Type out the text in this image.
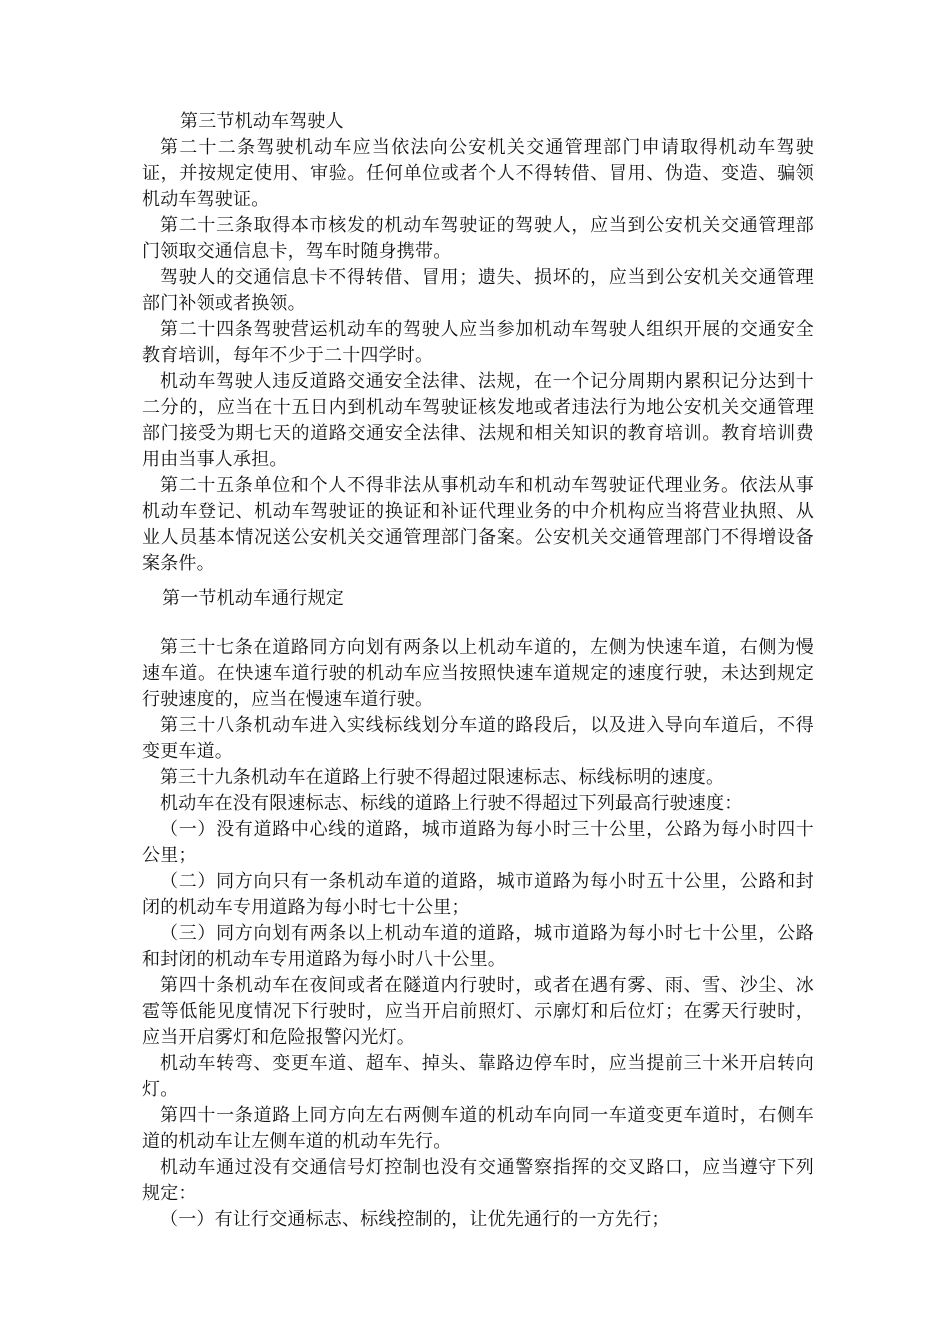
第三节机动车驾驶人

第二十二条驾驶机动车应当依法向公安机关交通管理部门申请取得机动车驾驶证，并按规定使用、审验。任何单位或者个人不得转借、冒用、伪造、变造、骗领机动车驾驶证。

第二十三条取得本市核发的机动车驾驶证的驾驶人，应当到公安机关交通管理部门领取交通信息卡，驾车时随身携带。

驾驶人的交通信息卡不得转借、冒用；遗失、损坏的，应当到公安机关交通管理部门补领或者换领。

第二十四条驾驶营运机动车的驾驶人应当参加机动车驾驶人组织开展的交通安全教育培训，每年不少于二十四学时。

机动车驾驶人违反道路交通安全法律、法规，在一个记分周期内累积记分达到十二分的，应当在十五日内到机动车驾驶证核发地或者违法行为地公安机关交通管理部门接受为期七天的道路交通安全法律、法规和相关知识的教育培训。教育培训费用由当事人承担。

第二十五条单位和个人不得非法从事机动车和机动车驾驶证代理业务。依法从事机动车登记、机动车驾驶证的换证和补证代理业务的中介机构应当将营业执照、从业人员基本情况送公安机关交通管理部门备案。公安机关交通管理部门不得增设备案条件。

第一节机动车通行规定

第三十七条在道路同方向划有两条以上机动车道的，左侧为快速车道，右侧为慢速车道。在快速车道行驶的机动车应当按照快速车道规定的速度行驶，未达到规定行驶速度的，应当在慢速车道行驶。

第三十八条机动车进入实线标线划分车道的路段后，以及进入导向车道后，不得变更车道。

第三十九条机动车在道路上行驶不得超过限速标志、标线标明的速度。

机动车在没有限速标志、标线的道路上行驶不得超过下列最高行驶速度：

（一）没有道路中心线的道路，城市道路为每小时三十公里，公路为每小时四十公里；

（二）同方向只有一条机动车道的道路，城市道路为每小时五十公里，公路和封闭的机动车专用道路为每小时七十公里；

（三）同方向划有两条以上机动车道的道路，城市道路为每小时七十公里，公路和封闭的机动车专用道路为每小时八十公里。

第四十条机动车在夜间或者在隧道内行驶时，或者在遇有雾、雨、雪、沙尘、冰雹等低能见度情况下行驶时，应当开启前照灯、示廓灯和后位灯；在雾天行驶时，应当开启雾灯和危险报警闪光灯。

机动车转弯、变更车道、超车、掉头、靠路边停车时，应当提前三十米开启转向灯。

第四十一条道路上同方向左右两侧车道的机动车向同一车道变更车道时，右侧车道的机动车让左侧车道的机动车先行。

机动车通过没有交通信号灯控制也没有交通警察指挥的交叉路口，应当遵守下列规定：

（一）有让行交通标志、标线控制的，让优先通行的一方先行；
